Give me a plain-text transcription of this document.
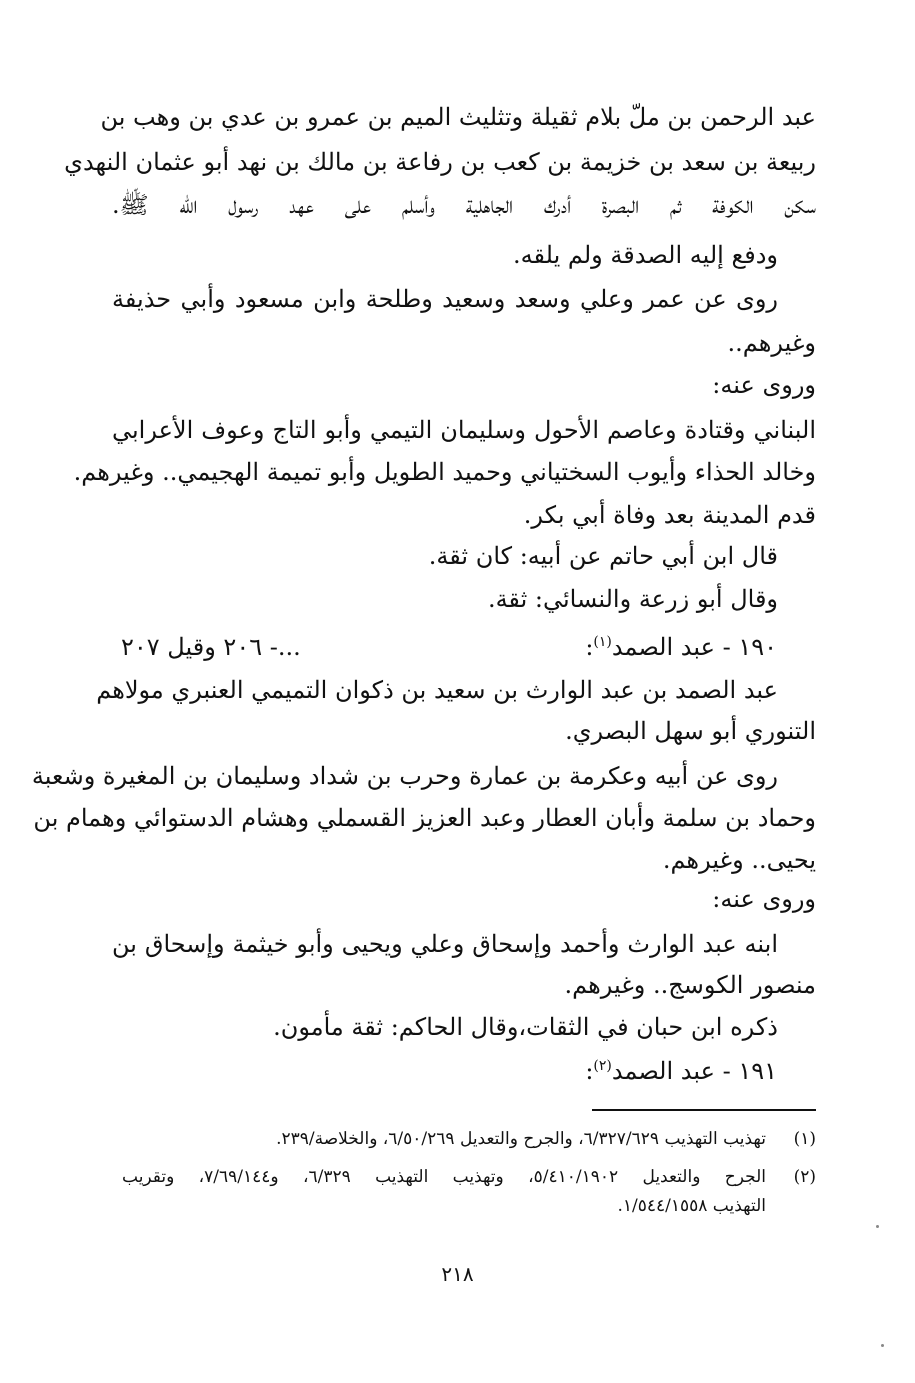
عبد الرحمن بن ملّ بلام ثقيلة وتثليث الميم بن عمرو بن عدي بن وهب بن
ربيعة بن سعد بن خزيمة بن كعب بن رفاعة بن مالك بن نهد أبو عثمان النهدي
سكن الكوفة ثم البصرة أدرك الجاهلية وأسلم على عهد رسول الله ﷺ.
ودفع إليه الصدقة ولم يلقه.
روى عن عمر وعلي وسعد وسعيد وطلحة وابن مسعود وأبي حذيفة
وغيرهم..
وروى عنه:
البناني وقتادة وعاصم الأحول وسليمان التيمي وأبو التاج وعوف الأعرابي
وخالد الحذاء وأيوب السختياني وحميد الطويل وأبو تميمة الهجيمي.. وغيرهم.
قدم المدينة بعد وفاة أبي بكر.
قال ابن أبي حاتم عن أبيه: كان ثقة.
وقال أبو زرعة والنسائي: ثقة.
١٩٠ - عبد الصمد$^{(١)}$:
...- ٢٠٦ وقيل ٢٠٧
عبد الصمد بن عبد الوارث بن سعيد بن ذكوان التميمي العنبري مولاهم
التنوري أبو سهل البصري.
روى عن أبيه وعكرمة بن عمارة وحرب بن شداد وسليمان بن المغيرة وشعبة
وحماد بن سلمة وأبان العطار وعبد العزيز القسملي وهشام الدستوائي وهمام بن
يحيى.. وغيرهم.
وروى عنه:
ابنه عبد الوارث وأحمد وإسحاق وعلي ويحيى وأبو خيثمة وإسحاق بن
منصور الكوسج.. وغيرهم.
ذكره ابن حبان في الثقات،وقال الحاكم: ثقة مأمون.
١٩١ - عبد الصمد$^{(٢)}$:
(١)
تهذيب التهذيب ٦/٣٢٧/٦٢٩، والجرح والتعديل ٦/٥٠/٢٦٩، والخلاصة/٢٣٩.
(٢)
الجرح والتعديل ٥/٤١٠/١٩٠٢، وتهذيب التهذيب ٦/٣٢٩، و٧/٦٩/١٤٤، وتقريب
التهذيب ١/٥٤٤/١٥٥٨.
٢١٨
